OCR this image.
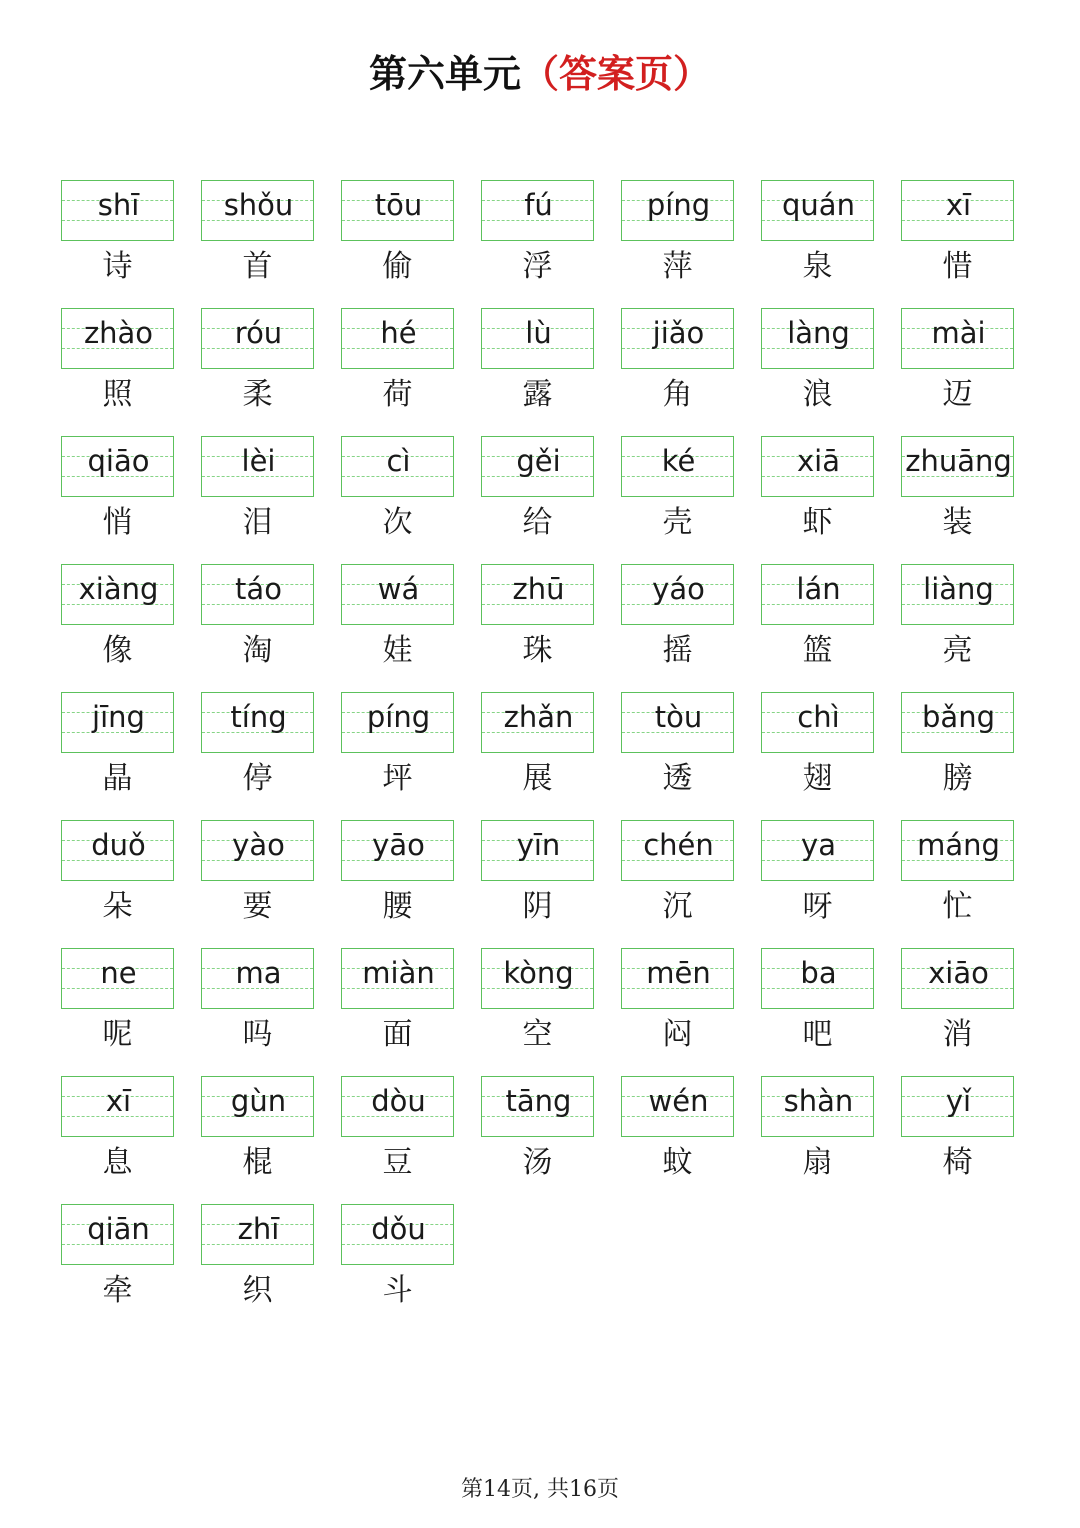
第六单元（答案页）
shī
诗
shǒu
首
tōu
偷
fú
浮
píng
萍
quán
泉
xī
惜
zhào
照
róu
柔
hé
荷
lù
露
jiǎo
角
làng
浪
mài
迈
qiāo
悄
lèi
泪
cì
次
gěi
给
ké
壳
xiā
虾
zhuāng
装
xiàng
像
táo
淘
wá
娃
zhū
珠
yáo
摇
lán
篮
liàng
亮
jīng
晶
tíng
停
píng
坪
zhǎn
展
tòu
透
chì
翅
bǎng
膀
duǒ
朵
yào
要
yāo
腰
yīn
阴
chén
沉
ya
呀
máng
忙
ne
呢
ma
吗
miàn
面
kòng
空
mēn
闷
ba
吧
xiāo
消
xī
息
gùn
棍
dòu
豆
tāng
汤
wén
蚊
shàn
扇
yǐ
椅
qiān
牵
zhī
织
dǒu
斗
第14页, 共16页
